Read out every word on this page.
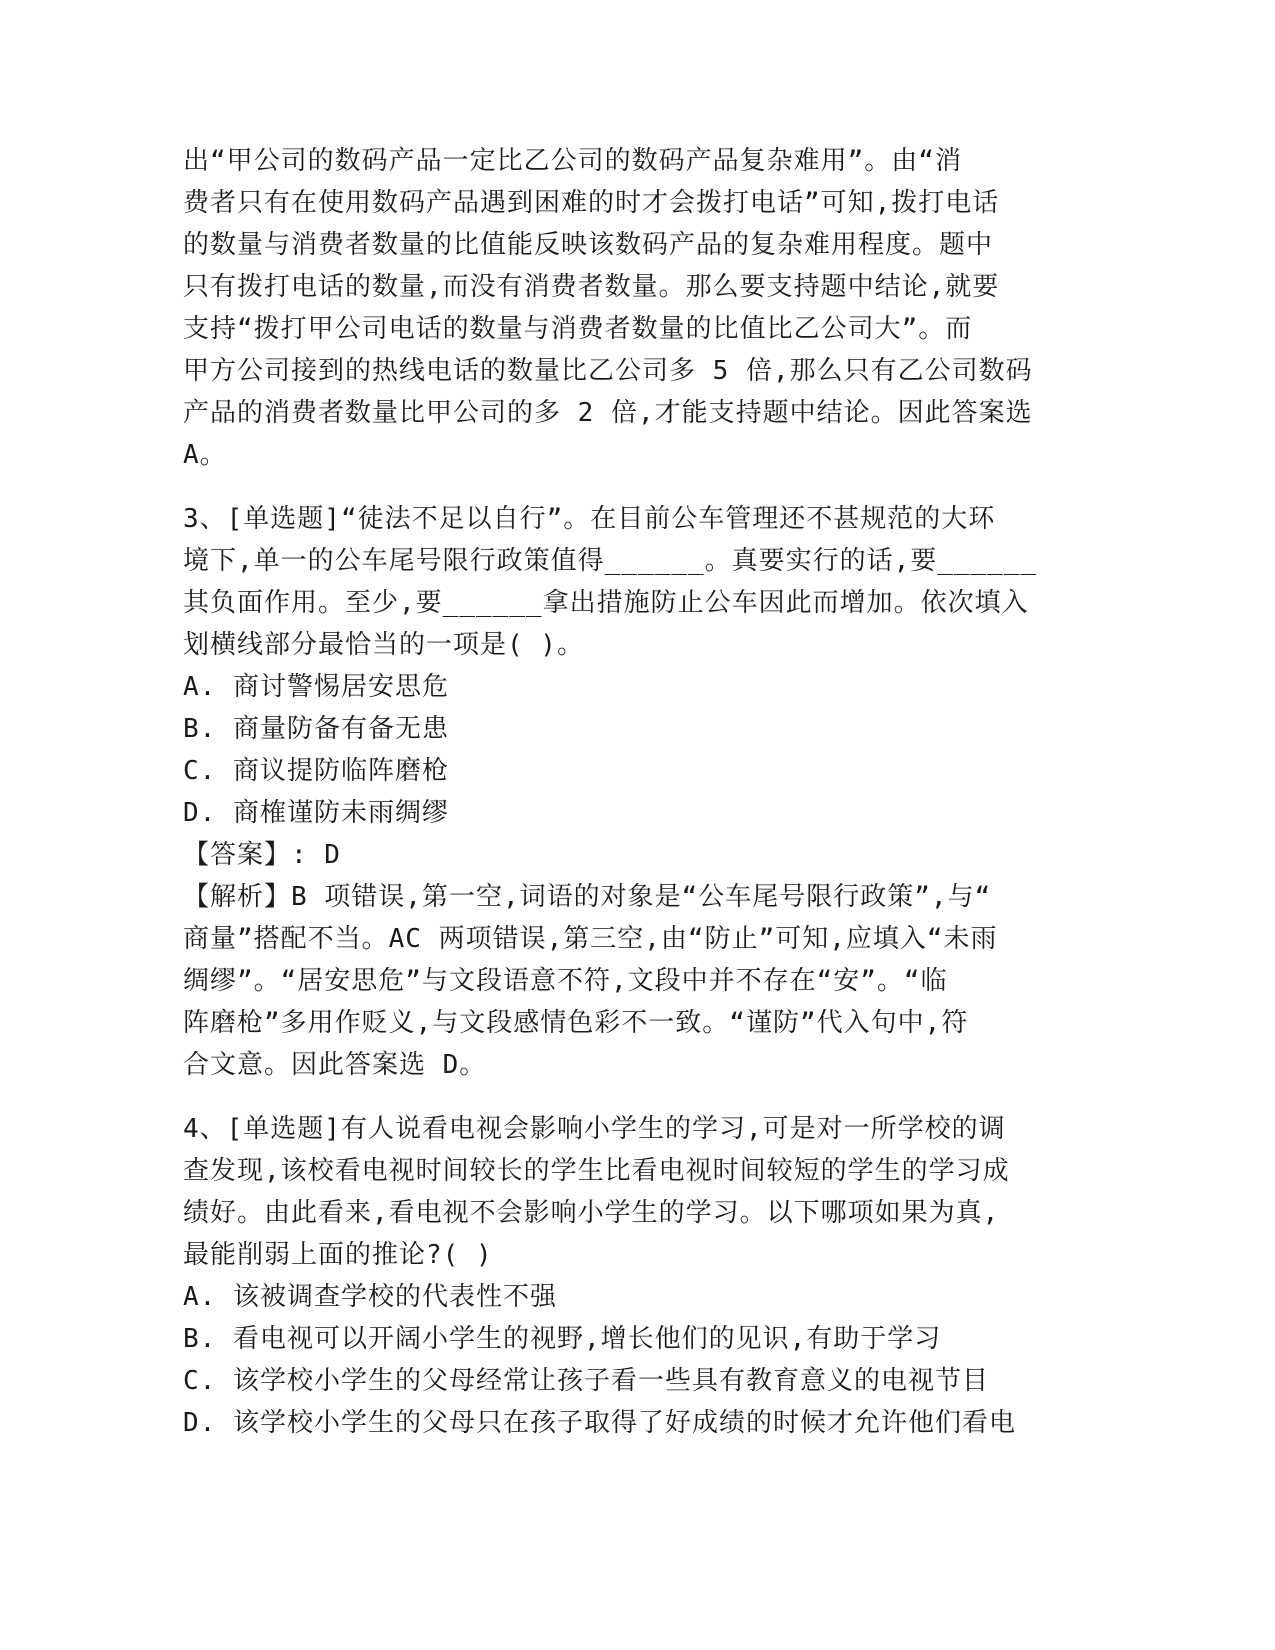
出“甲公司的数码产品一定比乙公司的数码产品复杂难用”。由“消
费者只有在使用数码产品遇到困难的时才会拨打电话”可知,拨打电话
的数量与消费者数量的比值能反映该数码产品的复杂难用程度。题中
只有拨打电话的数量,而没有消费者数量。那么要支持题中结论,就要
支持“拨打甲公司电话的数量与消费者数量的比值比乙公司大”。而
甲方公司接到的热线电话的数量比乙公司多 5 倍,那么只有乙公司数码
产品的消费者数量比甲公司的多 2 倍,才能支持题中结论。因此答案选
A。
3、[单选题]“徒法不足以自行”。在目前公车管理还不甚规范的大环
境下,单一的公车尾号限行政策值得______。真要实行的话,要______
其负面作用。至少,要______拿出措施防止公车因此而增加。依次填入
划横线部分最恰当的一项是( )。
A. 商讨警惕居安思危
B. 商量防备有备无患
C. 商议提防临阵磨枪
D. 商榷谨防未雨绸缪
【答案】: D
【解析】B 项错误,第一空,词语的对象是“公车尾号限行政策”,与“
商量”搭配不当。AC 两项错误,第三空,由“防止”可知,应填入“未雨
绸缪”。“居安思危”与文段语意不符,文段中并不存在“安”。“临
阵磨枪”多用作贬义,与文段感情色彩不一致。“谨防”代入句中,符
合文意。因此答案选 D。
4、[单选题]有人说看电视会影响小学生的学习,可是对一所学校的调
查发现,该校看电视时间较长的学生比看电视时间较短的学生的学习成
绩好。由此看来,看电视不会影响小学生的学习。以下哪项如果为真,
最能削弱上面的推论?( )
A. 该被调查学校的代表性不强
B. 看电视可以开阔小学生的视野,增长他们的见识,有助于学习
C. 该学校小学生的父母经常让孩子看一些具有教育意义的电视节目
D. 该学校小学生的父母只在孩子取得了好成绩的时候才允许他们看电
